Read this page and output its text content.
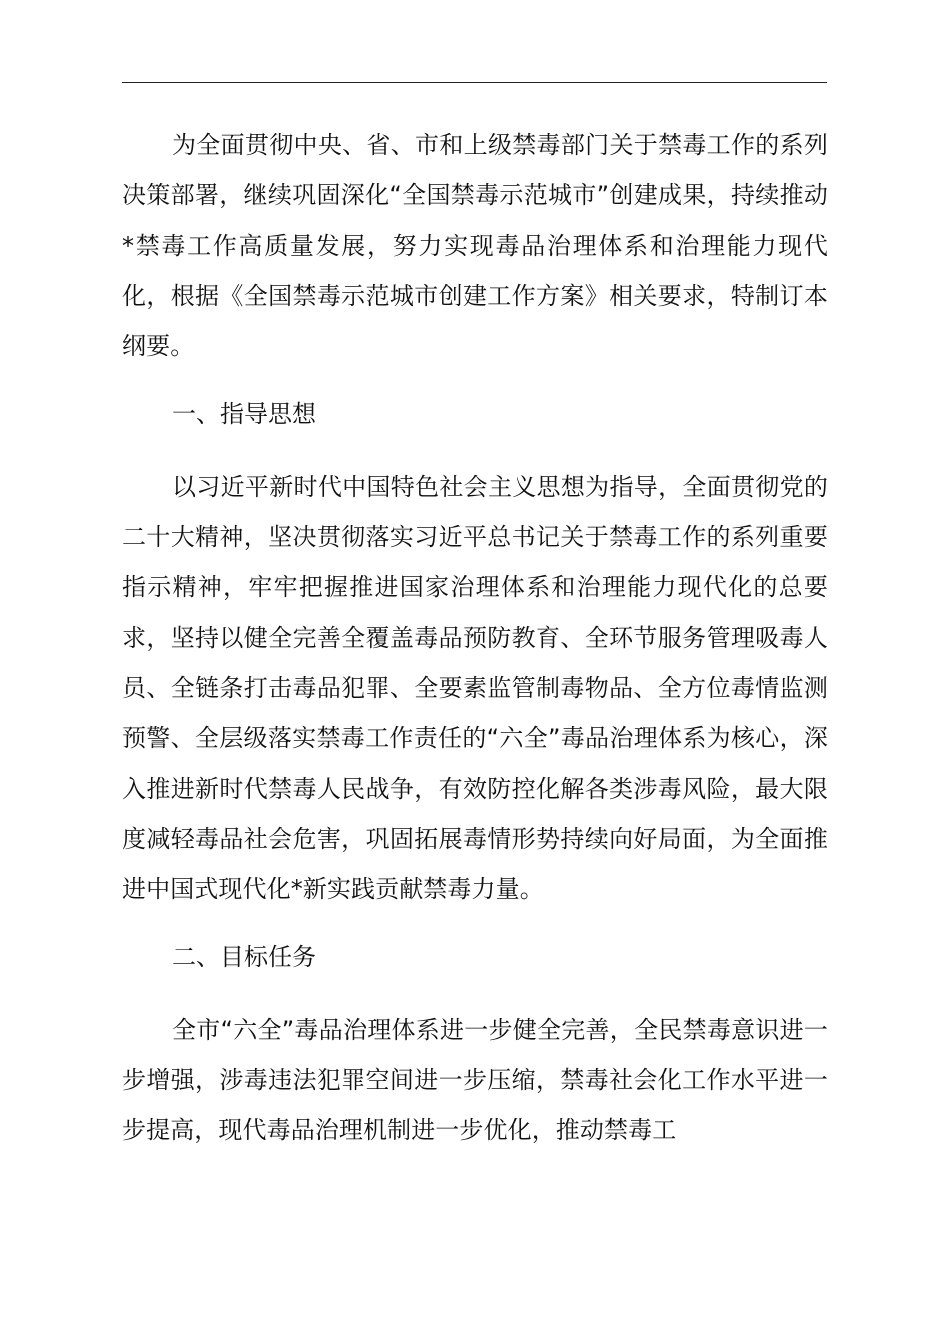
为全面贯彻中央、省、市和上级禁毒部门关于禁毒工作的系列决策部署，继续巩固深化“全国禁毒示范城市”创建成果，持续推动*禁毒工作高质量发展，努力实现毒品治理体系和治理能力现代化，根据《全国禁毒示范城市创建工作方案》相关要求，特制订本纲要。

一、指导思想

以习近平新时代中国特色社会主义思想为指导，全面贯彻党的二十大精神，坚决贯彻落实习近平总书记关于禁毒工作的系列重要指示精神，牢牢把握推进国家治理体系和治理能力现代化的总要求，坚持以健全完善全覆盖毒品预防教育、全环节服务管理吸毒人员、全链条打击毒品犯罪、全要素监管制毒物品、全方位毒情监测预警、全层级落实禁毒工作责任的“六全”毒品治理体系为核心，深入推进新时代禁毒人民战争，有效防控化解各类涉毒风险，最大限度减轻毒品社会危害，巩固拓展毒情形势持续向好局面，为全面推进中国式现代化*新实践贡献禁毒力量。

二、目标任务

全市“六全”毒品治理体系进一步健全完善，全民禁毒意识进一步增强，涉毒违法犯罪空间进一步压缩，禁毒社会化工作水平进一步提高，现代毒品治理机制进一步优化，推动禁毒工
